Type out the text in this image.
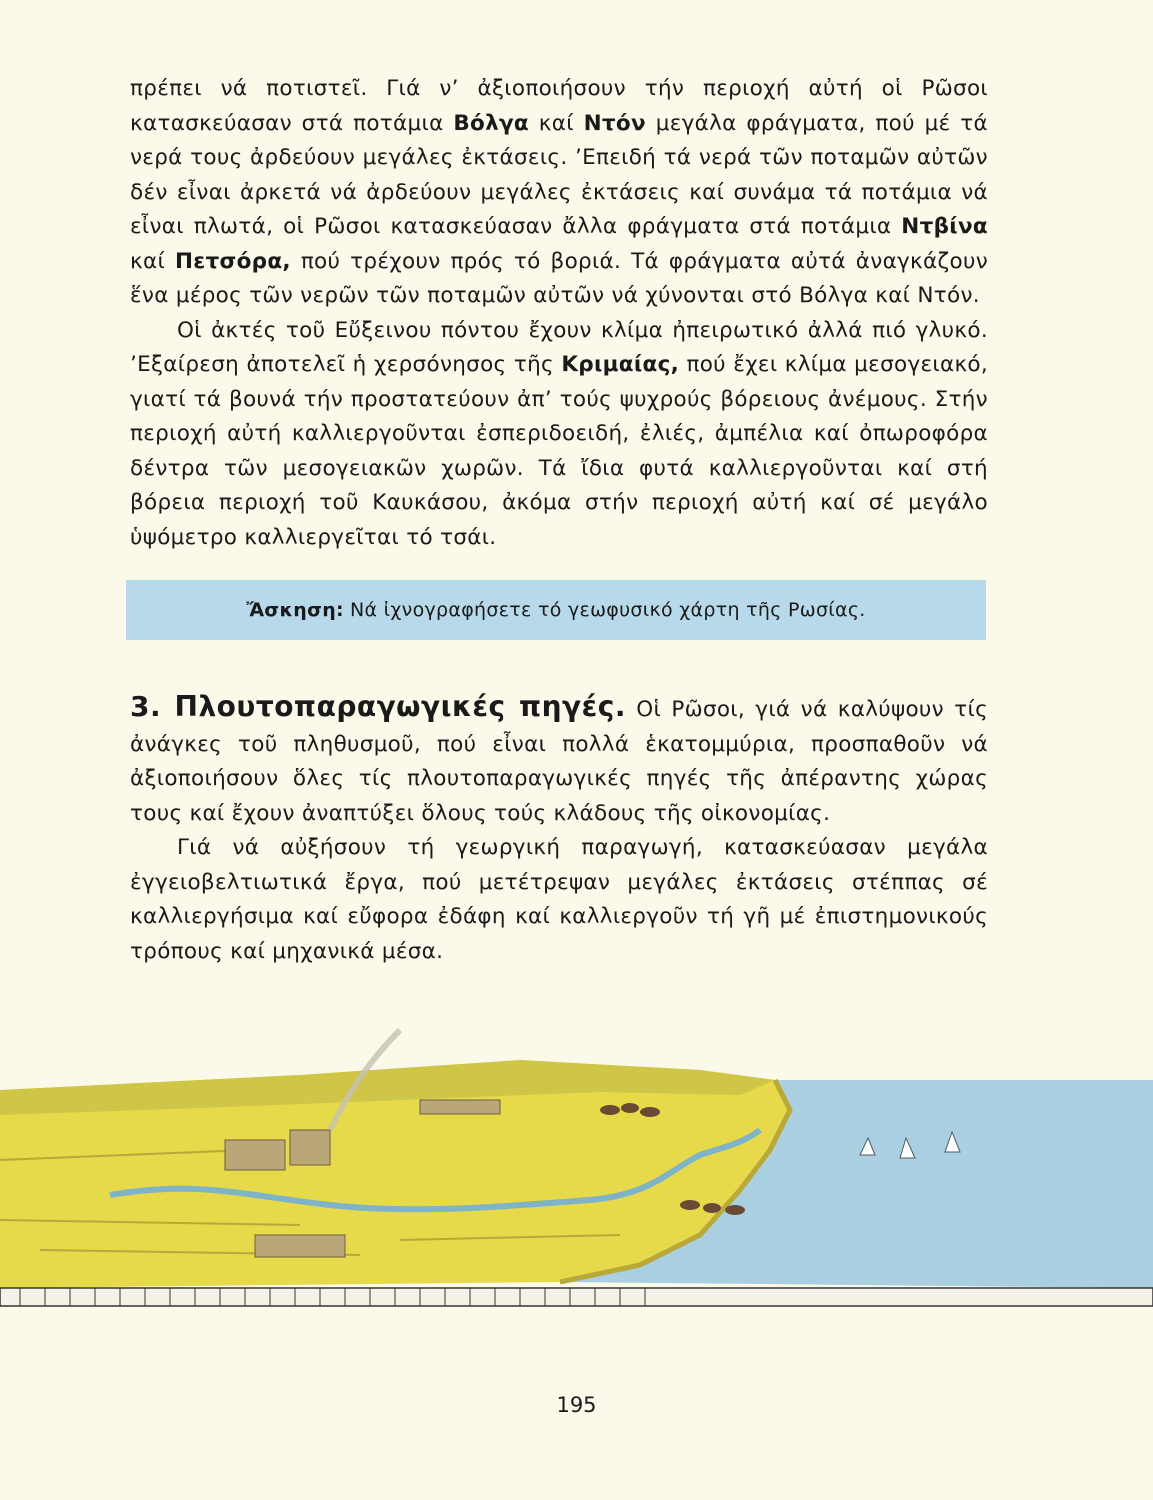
πρέπει νά ποτιστεῖ. Γιά ν’ ἀξιοποιήσουν τήν περιοχή αὐτή οἱ Ρῶσοι κατασκεύασαν στά ποτάμια Βόλγα καί Ντόν μεγάλα φράγματα, πού μέ τά νερά τους ἀρδεύουν μεγάλες ἐκτάσεις. ’Επειδή τά νερά τῶν ποταμῶν αὐτῶν δέν εἶναι ἀρκετά νά ἀρδεύουν μεγάλες ἐκτάσεις καί συνάμα τά ποτάμια νά εἶναι πλωτά, οἱ Ρῶσοι κατασκεύασαν ἄλλα φράγματα στά ποτάμια Ντβίνα καί Πετσόρα, πού τρέχουν πρός τό βοριά. Τά φράγματα αὐτά ἀναγκάζουν ἕνα μέρος τῶν νερῶν τῶν ποταμῶν αὐτῶν νά χύνονται στό Βόλγα καί Ντόν.

Οἱ ἀκτές τοῦ Εὔξεινου πόντου ἔχουν κλίμα ἠπειρωτικό ἀλλά πιό γλυκό. ’Εξαίρεση ἀποτελεῖ ἡ χερσόνησος τῆς Κριμαίας, πού ἔχει κλίμα μεσογειακό, γιατί τά βουνά τήν προστατεύουν ἀπ’ τούς ψυχρούς βόρειους ἀνέμους. Στήν περιοχή αὐτή καλλιεργοῦνται ἐσπεριδοειδή, ἐλιές, ἀμπέλια καί ὀπωροφόρα δέντρα τῶν μεσογειακῶν χωρῶν. Τά ἴδια φυτά καλλιεργοῦνται καί στή βόρεια περιοχή τοῦ Καυκάσου, ἀκόμα στήν περιοχή αὐτή καί σέ μεγάλο ὑψόμετρο καλλιεργεῖται τό τσάι.

Ἄσκηση: Νά ἰχνογραφήσετε τό γεωφυσικό χάρτη τῆς Ρωσίας.

3. Πλουτοπαραγωγικές πηγές. Οἱ Ρῶσοι, γιά νά καλύψουν τίς ἀνάγκες τοῦ πληθυσμοῦ, πού εἶναι πολλά ἑκατομμύρια, προσπαθοῦν νά ἀξιοποιήσουν ὅλες τίς πλουτοπαραγωγικές πηγές τῆς ἀπέραντης χώρας τους καί ἔχουν ἀναπτύξει ὅλους τούς κλάδους τῆς οἰκονομίας.

Γιά νά αὐξήσουν τή γεωργική παραγωγή, κατασκεύασαν μεγάλα ἐγγειοβελτιωτικά ἔργα, πού μετέτρεψαν μεγάλες ἐκτάσεις στέππας σέ καλλιεργήσιμα καί εὔφορα ἐδάφη καί καλλιεργοῦν τή γῆ μέ ἐπιστημονικούς τρόπους καί μηχανικά μέσα.

195
